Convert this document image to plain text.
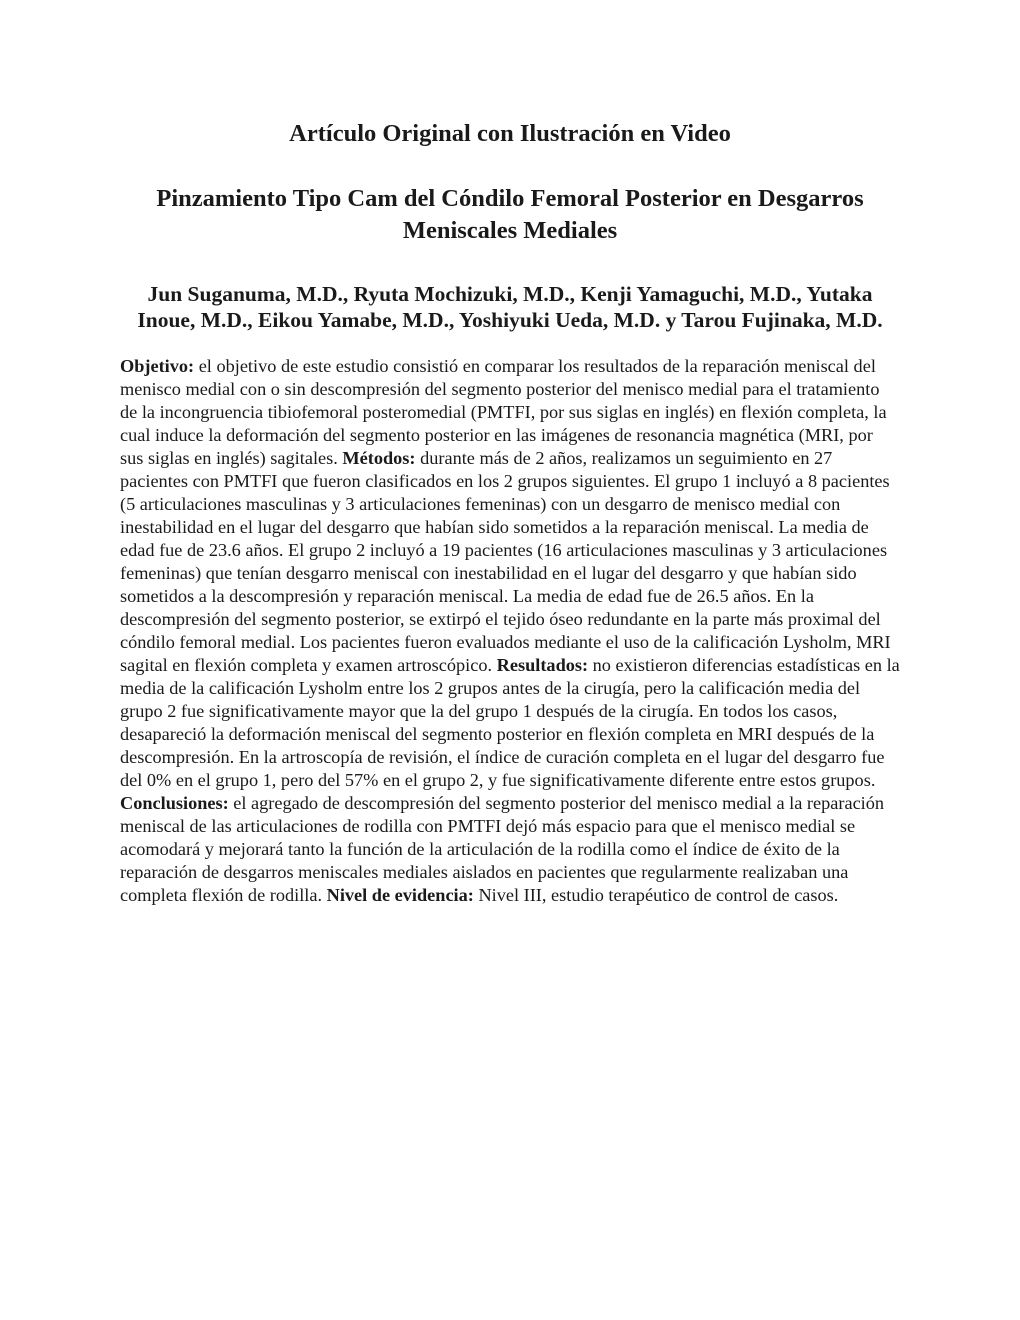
Artículo Original con Ilustración en Video
Pinzamiento Tipo Cam del Cóndilo Femoral Posterior en Desgarros Meniscales Mediales

Jun Suganuma, M.D., Ryuta Mochizuki, M.D., Kenji Yamaguchi, M.D., Yutaka Inoue, M.D., Eikou Yamabe, M.D., Yoshiyuki Ueda, M.D. y Tarou Fujinaka, M.D.

Objetivo: el objetivo de este estudio consistió en comparar los resultados de la reparación meniscal del menisco medial con o sin descompresión del segmento posterior del menisco medial para el tratamiento de la incongruencia tibiofemoral posteromedial (PMTFI, por sus siglas en inglés) en flexión completa, la cual induce la deformación del segmento posterior en las imágenes de resonancia magnética (MRI, por sus siglas en inglés) sagitales. Métodos: durante más de 2 años, realizamos un seguimiento en 27 pacientes con PMTFI que fueron clasificados en los 2 grupos siguientes. El grupo 1 incluyó a 8 pacientes (5 articulaciones masculinas y 3 articulaciones femeninas) con un desgarro de menisco medial con inestabilidad en el lugar del desgarro que habían sido sometidos a la reparación meniscal. La media de edad fue de 23.6 años. El grupo 2 incluyó a 19 pacientes (16 articulaciones masculinas y 3 articulaciones femeninas) que tenían desgarro meniscal con inestabilidad en el lugar del desgarro y que habían sido sometidos a la descompresión y reparación meniscal. La media de edad fue de 26.5 años. En la descompresión del segmento posterior, se extirpó el tejido óseo redundante en la parte más proximal del cóndilo femoral medial. Los pacientes fueron evaluados mediante el uso de la calificación Lysholm, MRI sagital en flexión completa y examen artroscópico. Resultados: no existieron diferencias estadísticas en la media de la calificación Lysholm entre los 2 grupos antes de la cirugía, pero la calificación media del grupo 2 fue significativamente mayor que la del grupo 1 después de la cirugía. En todos los casos, desapareció la deformación meniscal del segmento posterior en flexión completa en MRI después de la descompresión. En la artroscopía de revisión, el índice de curación completa en el lugar del desgarro fue del 0% en el grupo 1, pero del 57% en el grupo 2, y fue significativamente diferente entre estos grupos. Conclusiones: el agregado de descompresión del segmento posterior del menisco medial a la reparación meniscal de las articulaciones de rodilla con PMTFI dejó más espacio para que el menisco medial se acomodará y mejorará tanto la función de la articulación de la rodilla como el índice de éxito de la reparación de desgarros meniscales mediales aislados en pacientes que regularmente realizaban una completa flexión de rodilla. Nivel de evidencia: Nivel III, estudio terapéutico de control de casos.
